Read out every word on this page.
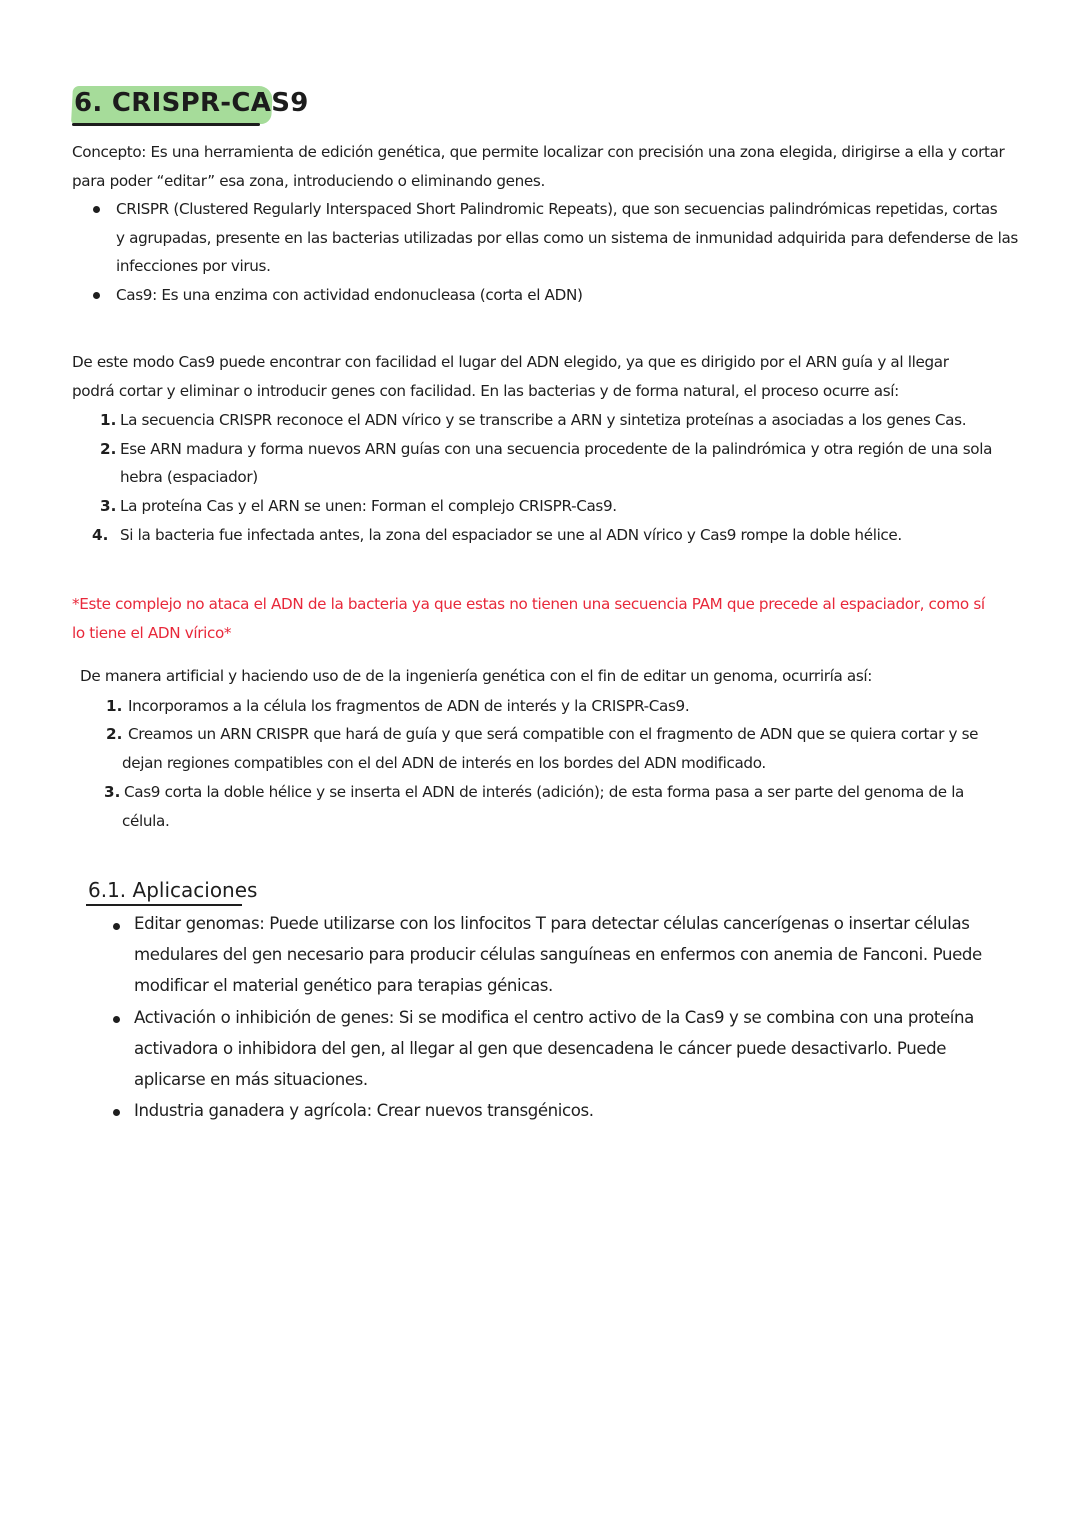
6. CRISPR-CAS9
Concepto: Es una herramienta de edición genética, que permite localizar con precisión una zona elegida, dirigirse a ella y cortar
para poder “editar” esa zona, introduciendo o eliminando genes.
CRISPR (Clustered Regularly Interspaced Short Palindromic Repeats), que son secuencias palindrómicas repetidas, cortas
y agrupadas, presente en las bacterias utilizadas por ellas como un sistema de inmunidad adquirida para defenderse de las
infecciones por virus.
Cas9: Es una enzima con actividad endonucleasa (corta el ADN)
De este modo Cas9 puede encontrar con facilidad el lugar del ADN elegido, ya que es dirigido por el ARN guía y al llegar
podrá cortar y eliminar o introducir genes con facilidad. En las bacterias y de forma natural, el proceso ocurre así:
1. La secuencia CRISPR reconoce el ADN vírico y se transcribe a ARN y sintetiza proteínas a asociadas a los genes Cas.
2. Ese ARN madura y forma nuevos ARN guías con una secuencia procedente de la palindrómica y otra región de una sola
hebra (espaciador)
3. La proteína Cas y el ARN se unen: Forman el complejo CRISPR-Cas9.
4. Si la bacteria fue infectada antes, la zona del espaciador se une al ADN vírico y Cas9 rompe la doble hélice.
*Este complejo no ataca el ADN de la bacteria ya que estas no tienen una secuencia PAM que precede al espaciador, como sí
lo tiene el ADN vírico*
De manera artificial y haciendo uso de de la ingeniería genética con el fin de editar un genoma, ocurriría así:
1. Incorporamos a la célula los fragmentos de ADN de interés y la CRISPR-Cas9.
2. Creamos un ARN CRISPR que hará de guía y que será compatible con el fragmento de ADN que se quiera cortar y se
dejan regiones compatibles con el del ADN de interés en los bordes del ADN modificado.
3. Cas9 corta la doble hélice y se inserta el ADN de interés (adición); de esta forma pasa a ser parte del genoma de la
célula.
6.1. Aplicaciones
Editar genomas: Puede utilizarse con los linfocitos T para detectar células cancerígenas o insertar células
medulares del gen necesario para producir células sanguíneas en enfermos con anemia de Fanconi. Puede
modificar el material genético para terapias génicas.
Activación o inhibición de genes: Si se modifica el centro activo de la Cas9 y se combina con una proteína
activadora o inhibidora del gen, al llegar al gen que desencadena le cáncer puede desactivarlo. Puede
aplicarse en más situaciones.
Industria ganadera y agrícola: Crear nuevos transgénicos.
